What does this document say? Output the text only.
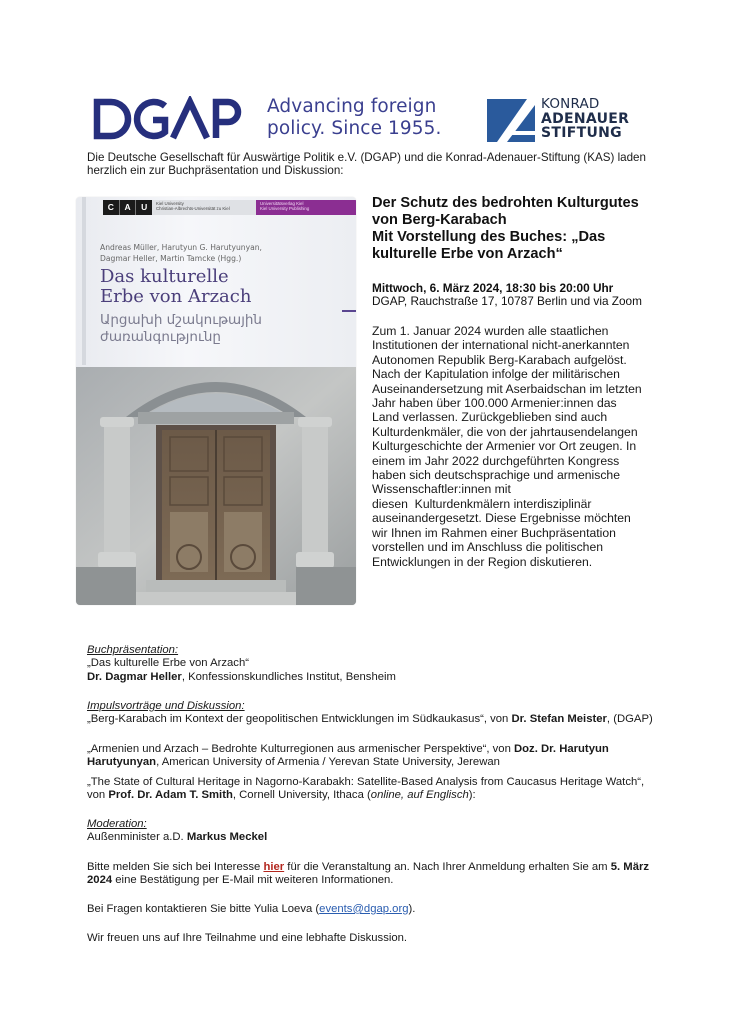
Advancing foreign
policy. Since 1955.
KONRAD
ADENAUER
STIFTUNG
Die Deutsche Gesellschaft für Auswärtige Politik e.V. (DGAP) und die Konrad-Adenauer-Stiftung (KAS) laden
herzlich ein zur Buchpräsentation und Diskussion:
C	A	U	Kiel University
Christian-Albrechts-Universität zu Kiel
Universitätsverlag Kiel
Kiel University Publishing
Andreas Müller, Harutyun G. Harutyunyan,
Dagmar Heller, Martin Tamcke (Hgg.)
Das kulturelle
Erbe von Arzach
Արցախի մշակութային
ժառանգությունը
Der Schutz des bedrohten Kulturgutes
von Berg-Karabach
Mit Vorstellung des Buches: „Das
kulturelle Erbe von Arzach“
Mittwoch, 6. März 2024, 18:30 bis 20:00 Uhr
DGAP, Rauchstraße 17, 10787 Berlin und via Zoom

Zum 1. Januar 2024 wurden alle staatlichen

Institutionen der international nicht-anerkannten

Autonomen Republik Berg-Karabach aufgelöst.

Nach der Kapitulation infolge der militärischen

Auseinandersetzung mit Aserbaidschan im letzten

Jahr haben über 100.000 Armenier:innen das

Land verlassen. Zurückgeblieben sind auch

Kulturdenkmäler, die von der jahrtausendelangen

Kulturgeschichte der Armenier vor Ort zeugen. In

einem im Jahr 2022 durchgeführten Kongress

haben sich deutschsprachige und armenische

Wissenschaftler:innen mit

diesen  Kulturdenkmälern interdisziplinär

auseinandergesetzt. Diese Ergebnisse möchten

wir Ihnen im Rahmen einer Buchpräsentation

vorstellen und im Anschluss die politischen

Entwicklungen in der Region diskutieren.

Buchpräsentation:
„Das kulturelle Erbe von Arzach“
Dr. Dagmar Heller, Konfessionskundliches Institut, Bensheim
Impulsvorträge und Diskussion:
„Berg-Karabach im Kontext der geopolitischen Entwicklungen im Südkaukasus“, von Dr. Stefan Meister, (DGAP)
„Armenien und Arzach – Bedrohte Kulturregionen aus armenischer Perspektive“, von Doz. Dr. Harutyun
Harutyunyan, American University of Armenia / Yerevan State University, Jerewan
„The State of Cultural Heritage in Nagorno-Karabakh: Satellite-Based Analysis from Caucasus Heritage Watch“,
von Prof. Dr. Adam T. Smith, Cornell University, Ithaca (online, auf Englisch):
Moderation:
Außenminister a.D. Markus Meckel
Bitte melden Sie sich bei Interesse hier für die Veranstaltung an. Nach Ihrer Anmeldung erhalten Sie am 5. März
2024 eine Bestätigung per E-Mail mit weiteren Informationen.
Bei Fragen kontaktieren Sie bitte Yulia Loeva (events@dgap.org).
Wir freuen uns auf Ihre Teilnahme und eine lebhafte Diskussion.
